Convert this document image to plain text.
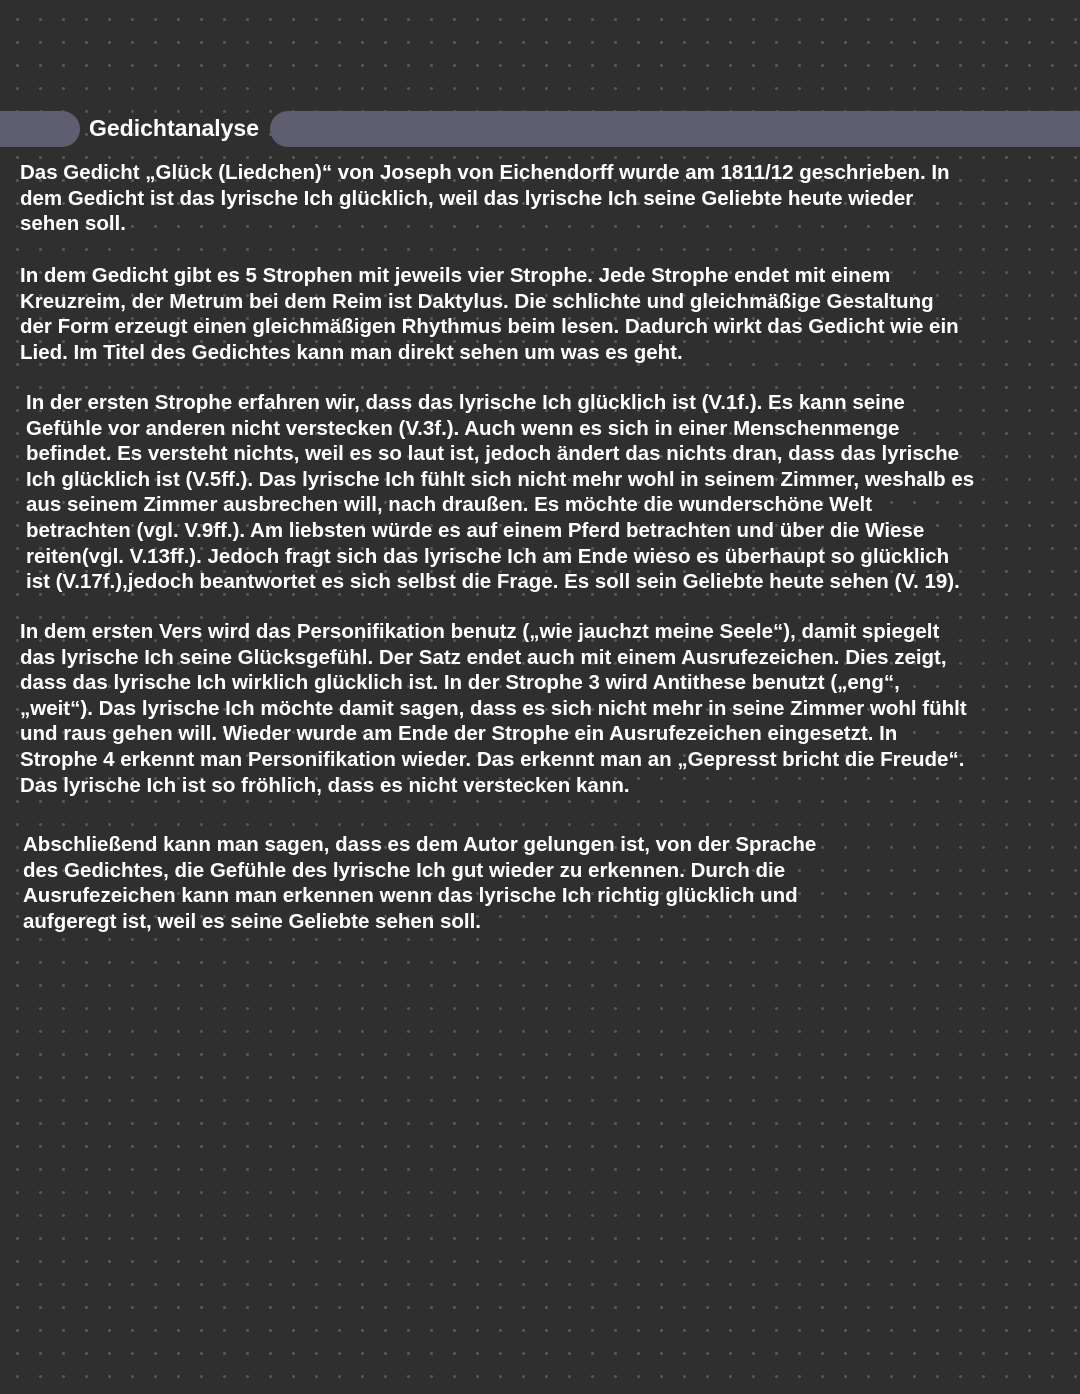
Gedichtanalyse

Das Gedicht „Glück (Liedchen)“ von Joseph von Eichendorff wurde am 1811/12 geschrieben. In
dem Gedicht ist das lyrische Ich glücklich, weil das lyrische Ich seine Geliebte heute wieder
sehen soll.

In dem Gedicht gibt es 5 Strophen mit jeweils vier Strophe. Jede Strophe endet mit einem
Kreuzreim, der Metrum bei dem Reim ist Daktylus. Die schlichte und gleichmäßige Gestaltung
der Form erzeugt einen gleichmäßigen Rhythmus beim lesen. Dadurch wirkt das Gedicht wie ein
Lied. Im Titel des Gedichtes kann man direkt sehen um was es geht.

In der ersten Strophe erfahren wir, dass das lyrische Ich glücklich ist (V.1f.). Es kann seine
Gefühle vor anderen nicht verstecken (V.3f.). Auch wenn es sich in einer Menschenmenge
befindet. Es versteht nichts, weil es so laut ist, jedoch ändert das nichts dran, dass das lyrische
Ich glücklich ist (V.5ff.). Das lyrische Ich fühlt sich nicht mehr wohl in seinem Zimmer, weshalb es
aus seinem Zimmer ausbrechen will, nach draußen. Es möchte die wunderschöne Welt
betrachten (vgl. V.9ff.). Am liebsten würde es auf einem Pferd betrachten und über die Wiese
reiten(vgl. V.13ff.). Jedoch fragt sich das lyrische Ich am Ende wieso es überhaupt so glücklich
ist (V.17f.),jedoch beantwortet es sich selbst die Frage. Es soll sein Geliebte heute sehen (V. 19).

In dem ersten Vers wird das Personifikation benutz („wie jauchzt meine Seele“), damit spiegelt
das lyrische Ich seine Glücksgefühl. Der Satz endet auch mit einem Ausrufezeichen. Dies zeigt,
dass das lyrische Ich wirklich glücklich ist. In der Strophe 3 wird Antithese benutzt („eng“,
„weit“). Das lyrische Ich möchte damit sagen, dass es sich nicht mehr in seine Zimmer wohl fühlt
und raus gehen will. Wieder wurde am Ende der Strophe ein Ausrufezeichen eingesetzt. In
Strophe 4 erkennt man Personifikation wieder. Das erkennt man an „Gepresst bricht die Freude“.
Das lyrische Ich ist so fröhlich, dass es nicht verstecken kann.

Abschließend kann man sagen, dass es dem Autor gelungen ist, von der Sprache
des Gedichtes, die Gefühle des lyrische Ich gut wieder zu erkennen. Durch die
Ausrufezeichen kann man erkennen wenn das lyrische Ich richtig glücklich und
aufgeregt ist, weil es seine Geliebte sehen soll.
